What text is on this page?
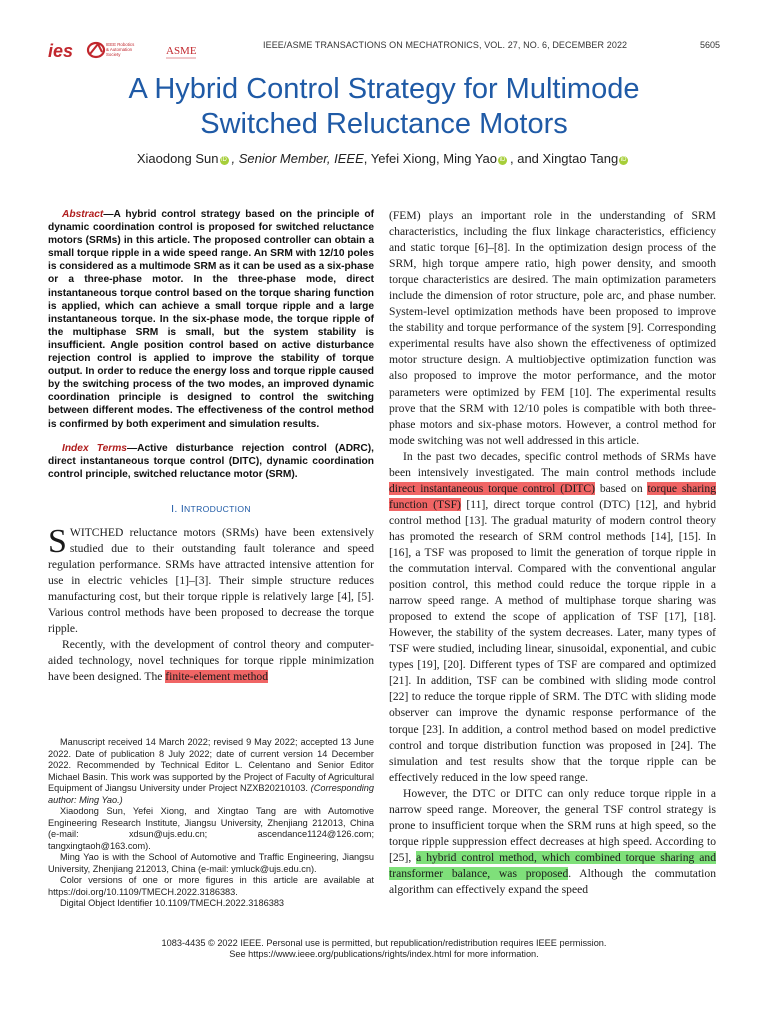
ies	IEEE Robotics
& Automation
Society	ASME	IEEE/ASME TRANSACTIONS ON MECHATRONICS, VOL. 27, NO. 6, DECEMBER 2022	5605
A Hybrid Control Strategy for Multimode
Switched Reluctance Motors
Xiaodong Sun iD , Senior Member, IEEE, Yefei Xiong, Ming Yao iD , and Xingtao Tang iD

Abstract—A hybrid control strategy based on the principle of dynamic coordination control is proposed for switched reluctance motors (SRMs) in this article. The proposed controller can obtain a small torque ripple in a wide speed range. An SRM with 12/10 poles is considered as a multimode SRM as it can be used as a six-phase or a three-phase motor. In the three-phase mode, direct instantaneous torque control based on the torque sharing function is applied, which can achieve a small torque ripple and a large instantaneous torque. In the six-phase mode, the torque ripple of the multiphase SRM is small, but the system stability is insufficient. Angle position control based on active disturbance rejection control is applied to improve the stability of torque output. In order to reduce the energy loss and torque ripple caused by the switching process of the two modes, an improved dynamic coordination principle is designed to control the switching between different modes. The effectiveness of the control method is confirmed by both experiment and simulation results.

Index Terms—Active disturbance rejection control (ADRC), direct instantaneous torque control (DITC), dynamic coordination control principle, switched reluctance motor (SRM).

I. INTRODUCTION

SWITCHED reluctance motors (SRMs) have been extensively studied due to their outstanding fault tolerance and speed regulation performance. SRMs have attracted intensive attention for use in electric vehicles [1]–[3]. Their simple structure reduces manufacturing cost, but their torque ripple is relatively large [4], [5]. Various control methods have been proposed to decrease the torque ripple.

Recently, with the development of control theory and computer-aided technology, novel techniques for torque ripple minimization have been designed. The finite-element method

Manuscript received 14 March 2022; revised 9 May 2022; accepted 13 June 2022. Date of publication 8 July 2022; date of current version 14 December 2022. Recommended by Technical Editor L. Celentano and Senior Editor Michael Basin. This work was supported by the Project of Faculty of Agricultural Equipment of Jiangsu University under Project NZXB20210103. (Corresponding author: Ming Yao.)

Xiaodong Sun, Yefei Xiong, and Xingtao Tang are with Automotive Engineering Research Institute, Jiangsu University, Zhenjiang 212013, China (e-mail: xdsun@ujs.edu.cn; ascendance1124@126.com; tangxingtaoh@163.com).

Ming Yao is with the School of Automotive and Traffic Engineering, Jiangsu University, Zhenjiang 212013, China (e-mail: ymluck@ujs.edu.cn).

Color versions of one or more figures in this article are available at https://doi.org/10.1109/TMECH.2022.3186383.

Digital Object Identifier 10.1109/TMECH.2022.3186383

(FEM) plays an important role in the understanding of SRM characteristics, including the flux linkage characteristics, efficiency and static torque [6]–[8]. In the optimization design process of the SRM, high torque ampere ratio, high power density, and smooth torque characteristics are desired. The main optimization parameters include the dimension of rotor structure, pole arc, and phase number. System-level optimization methods have been proposed to improve the stability and torque performance of the system [9]. Corresponding experimental results have also shown the effectiveness of optimized motor structure design. A multiobjective optimization function was also proposed to improve the motor performance, and the motor parameters were optimized by FEM [10]. The experimental results prove that the SRM with 12/10 poles is compatible with both three-phase motors and six-phase motors. However, a control method for mode switching was not well addressed in this article.

In the past two decades, specific control methods of SRMs have been intensively investigated. The main control methods include direct instantaneous torque control (DITC) based on torque sharing function (TSF) [11], direct torque control (DTC) [12], and hybrid control method [13]. The gradual maturity of modern control theory has promoted the research of SRM control methods [14], [15]. In [16], a TSF was proposed to limit the generation of torque ripple in the commutation interval. Compared with the conventional angular position control, this method could reduce the torque ripple in a narrow speed range. A method of multiphase torque sharing was proposed to extend the scope of application of TSF [17], [18]. However, the stability of the system decreases. Later, many types of TSF were studied, including linear, sinusoidal, exponential, and cubic types [19], [20]. Different types of TSF are compared and optimized [21]. In addition, TSF can be combined with sliding mode control [22] to reduce the torque ripple of SRM. The DTC with sliding mode observer can improve the dynamic response performance of the torque [23]. In addition, a control method based on model predictive control and torque distribution function was proposed in [24]. The simulation and test results show that the torque ripple can be effectively reduced in the low speed range.

However, the DTC or DITC can only reduce torque ripple in a narrow speed range. Moreover, the general TSF control strategy is prone to insufficient torque when the SRM runs at high speed, so the torque ripple suppression effect decreases at high speed. According to [25], a hybrid control method, which combined torque sharing and transformer balance, was proposed. Although the commutation algorithm can effectively expand the speed

1083-4435 © 2022 IEEE. Personal use is permitted, but republication/redistribution requires IEEE permission.
See https://www.ieee.org/publications/rights/index.html for more information.
